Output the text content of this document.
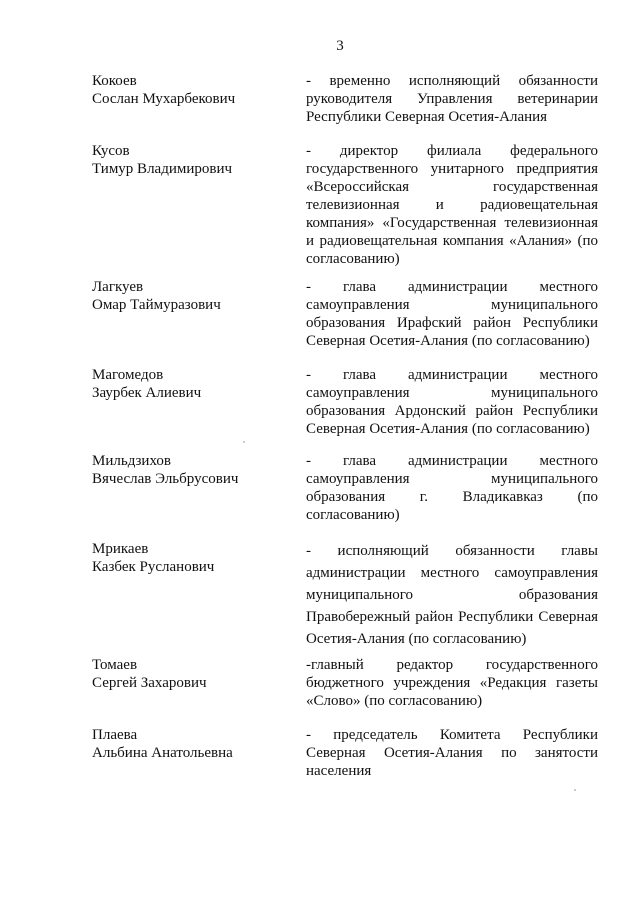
3
Кокоев
Сослан Мухарбекович
- временно исполняющий обязанности руководителя Управления ветеринарии Республики Северная Осетия-Алания
Кусов
Тимур Владимирович
- директор филиала федерального государственного унитарного предприятия «Всероссийская государственная телевизионная и радиовещательная компания» «Государственная телевизионная и радиовещательная компания «Алания» (по согласованию)
Лагкуев
Омар Таймуразович
- глава администрации местного самоуправления муниципального образования Ирафский район Республики Северная Осетия-Алания (по согласованию)
Магомедов
Заурбек Алиевич
- глава администрации местного самоуправления муниципального образования Ардонский район Республики Северная Осетия-Алания (по согласованию)
Мильдзихов
Вячеслав Эльбрусович
- глава администрации местного самоуправления муниципального образования г. Владикавказ (по согласованию)
Мрикаев
Казбек Русланович
- исполняющий обязанности главы администрации местного самоуправления муниципального образования Правобережный район Республики Северная Осетия-Алания (по согласованию)
Томаев
Сергей Захарович
-главный редактор государственного бюджетного учреждения «Редакция газеты «Слово» (по согласованию)
Плаева
Альбина Анатольевна
- председатель Комитета Республики Северная Осетия-Алания по занятости населения
